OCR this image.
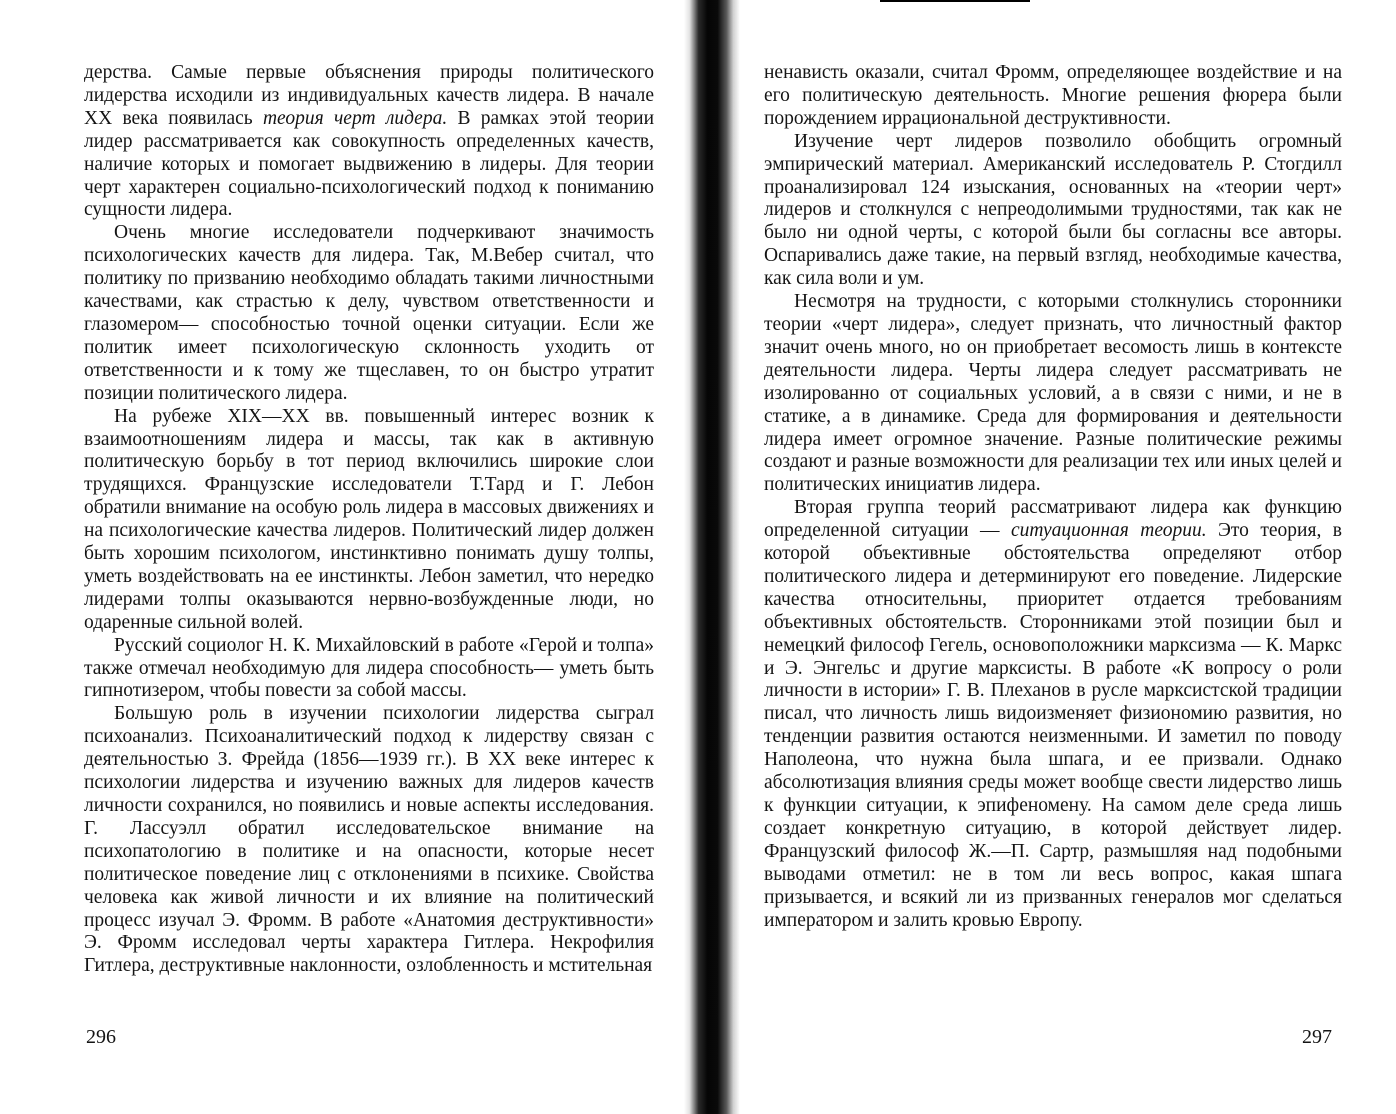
дерства. Самые первые объяснения природы политического лидерства исходили из индивидуальных качеств лидера. В начале XX века появилась теория черт лидера. В рамках этой теории лидер рассматривается как совокупность определенных качеств, наличие которых и помогает выдвижению в лидеры. Для теории черт характерен социально-психологический подход к пониманию сущности лидера.

Очень многие исследователи подчеркивают значимость психологических качеств для лидера. Так, М.Вебер считал, что политику по призванию необходимо обладать такими личностными качествами, как страстью к делу, чувством ответственности и глазомером— способностью точной оценки ситуации. Если же политик имеет психологическую склонность уходить от ответственности и к тому же тщеславен, то он быстро утратит позиции политического лидера.

На рубеже XIX—XX вв. повышенный интерес возник к взаимоотношениям лидера и массы, так как в активную политическую борьбу в тот период включились широкие слои трудящихся. Французские исследователи Т.Тард и Г. Лебон обратили внимание на особую роль лидера в массовых движениях и на психологические качества лидеров. Политический лидер должен быть хорошим психологом, инстинктивно понимать душу толпы, уметь воздействовать на ее инстинкты. Лебон заметил, что нередко лидерами толпы оказываются нервно-возбужденные люди, но одаренные сильной волей.

Русский социолог Н. К. Михайловский в работе «Герой и толпа» также отмечал необходимую для лидера способность— уметь быть гипнотизером, чтобы повести за собой массы.

Большую роль в изучении психологии лидерства сыграл психоанализ. Психоаналитический подход к лидерству связан с деятельностью З. Фрейда (1856—1939 гг.). В XX веке интерес к психологии лидерства и изучению важных для лидеров качеств личности сохранился, но появились и новые аспекты исследования. Г. Лассуэлл обратил исследовательское внимание на психопатологию в политике и на опасности, которые несет политическое поведение лиц с отклонениями в психике. Свойства человека как живой личности и их влияние на политический процесс изучал Э. Фромм. В работе «Анатомия деструктивности» Э. Фромм исследовал черты характера Гитлера. Некрофилия Гитлера, деструктивные наклонности, озлобленность и мстительная

296

ненависть оказали, считал Фромм, определяющее воздействие и на его политическую деятельность. Многие решения фюрера были порождением иррациональной деструктивности.

Изучение черт лидеров позволило обобщить огромный эмпирический материал. Американский исследователь Р. Стогдилл проанализировал 124 изыскания, основанных на «теории черт» лидеров и столкнулся с непреодолимыми трудностями, так как не было ни одной черты, с которой были бы согласны все авторы. Оспаривались даже такие, на первый взгляд, необходимые качества, как сила воли и ум.

Несмотря на трудности, с которыми столкнулись сторонники теории «черт лидера», следует признать, что личностный фактор значит очень много, но он приобретает весомость лишь в контексте деятельности лидера. Черты лидера следует рассматривать не изолированно от социальных условий, а в связи с ними, и не в статике, а в динамике. Среда для формирования и деятельности лидера имеет огромное значение. Разные политические режимы создают и разные возможности для реализации тех или иных целей и политических инициатив лидера.

Вторая группа теорий рассматривают лидера как функцию определенной ситуации — ситуационная теории. Это теория, в которой объективные обстоятельства определяют отбор политического лидера и детерминируют его поведение. Лидерские качества относительны, приоритет отдается требованиям объективных обстоятельств. Сторонниками этой позиции был и немецкий философ Гегель, основоположники марксизма — К. Маркс и Э. Энгельс и другие марксисты. В работе «К вопросу о роли личности в истории» Г. В. Плеханов в русле марксистской традиции писал, что личность лишь видоизменяет физиономию развития, но тенденции развития остаются неизменными. И заметил по поводу Наполеона, что нужна была шпага, и ее призвали. Однако абсолютизация влияния среды может вообще свести лидерство лишь к функции ситуации, к эпифеномену. На самом деле среда лишь создает конкретную ситуацию, в которой действует лидер. Французский философ Ж.—П. Сартр, размышляя над подобными выводами отметил: не в том ли весь вопрос, какая шпага призывается, и всякий ли из призванных генералов мог сделаться императором и залить кровью Европу.

297
